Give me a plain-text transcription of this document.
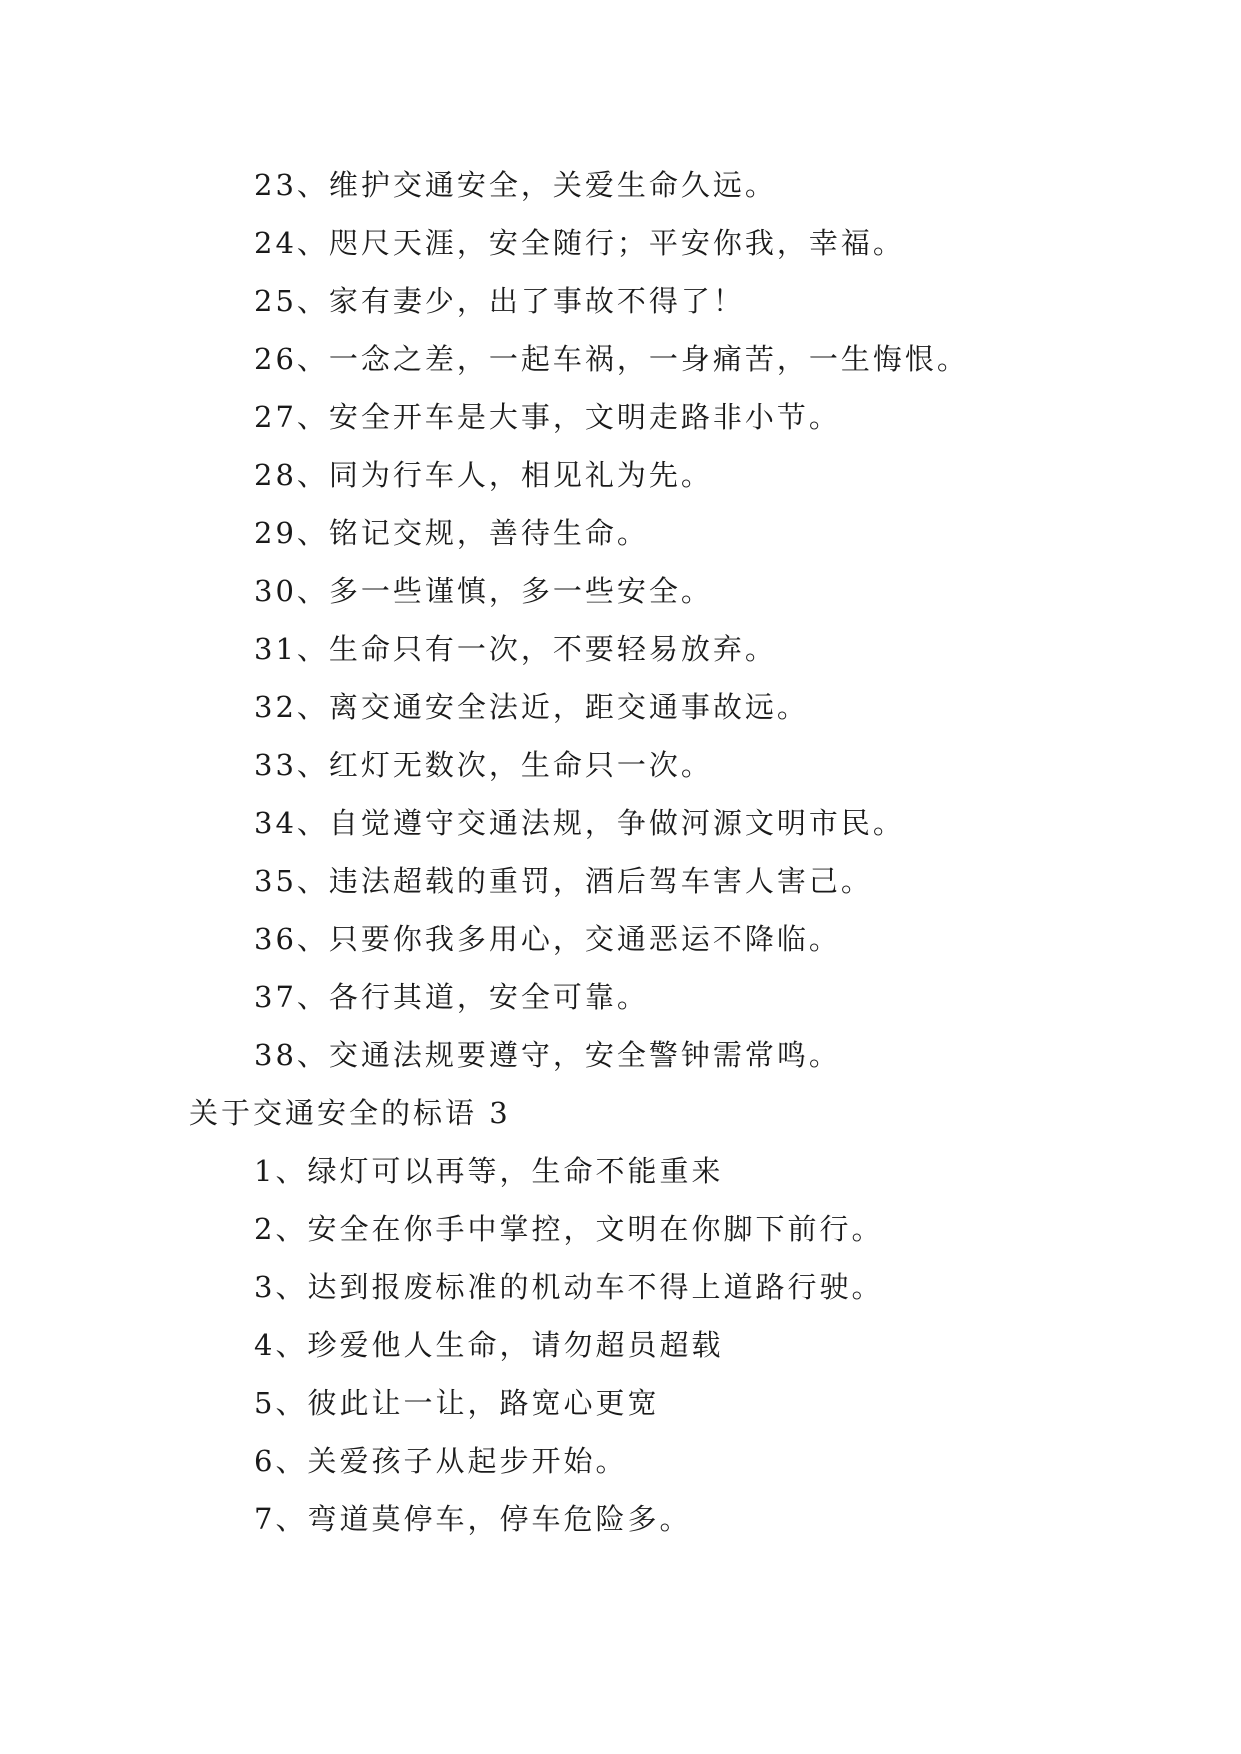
23、维护交通安全，关爱生命久远。
24、咫尺天涯，安全随行；平安你我，幸福。
25、家有妻少，出了事故不得了！
26、一念之差，一起车祸，一身痛苦，一生悔恨。
27、安全开车是大事，文明走路非小节。
28、同为行车人，相见礼为先。
29、铭记交规，善待生命。
30、多一些谨慎，多一些安全。
31、生命只有一次，不要轻易放弃。
32、离交通安全法近，距交通事故远。
33、红灯无数次，生命只一次。
34、自觉遵守交通法规，争做河源文明市民。
35、违法超载的重罚，酒后驾车害人害己。
36、只要你我多用心，交通恶运不降临。
37、各行其道，安全可靠。
38、交通法规要遵守，安全警钟需常鸣。
关于交通安全的标语 3
1、绿灯可以再等，生命不能重来
2、安全在你手中掌控，文明在你脚下前行。
3、达到报废标准的机动车不得上道路行驶。
4、珍爱他人生命，请勿超员超载
5、彼此让一让，路宽心更宽
6、关爱孩子从起步开始。
7、弯道莫停车，停车危险多。
